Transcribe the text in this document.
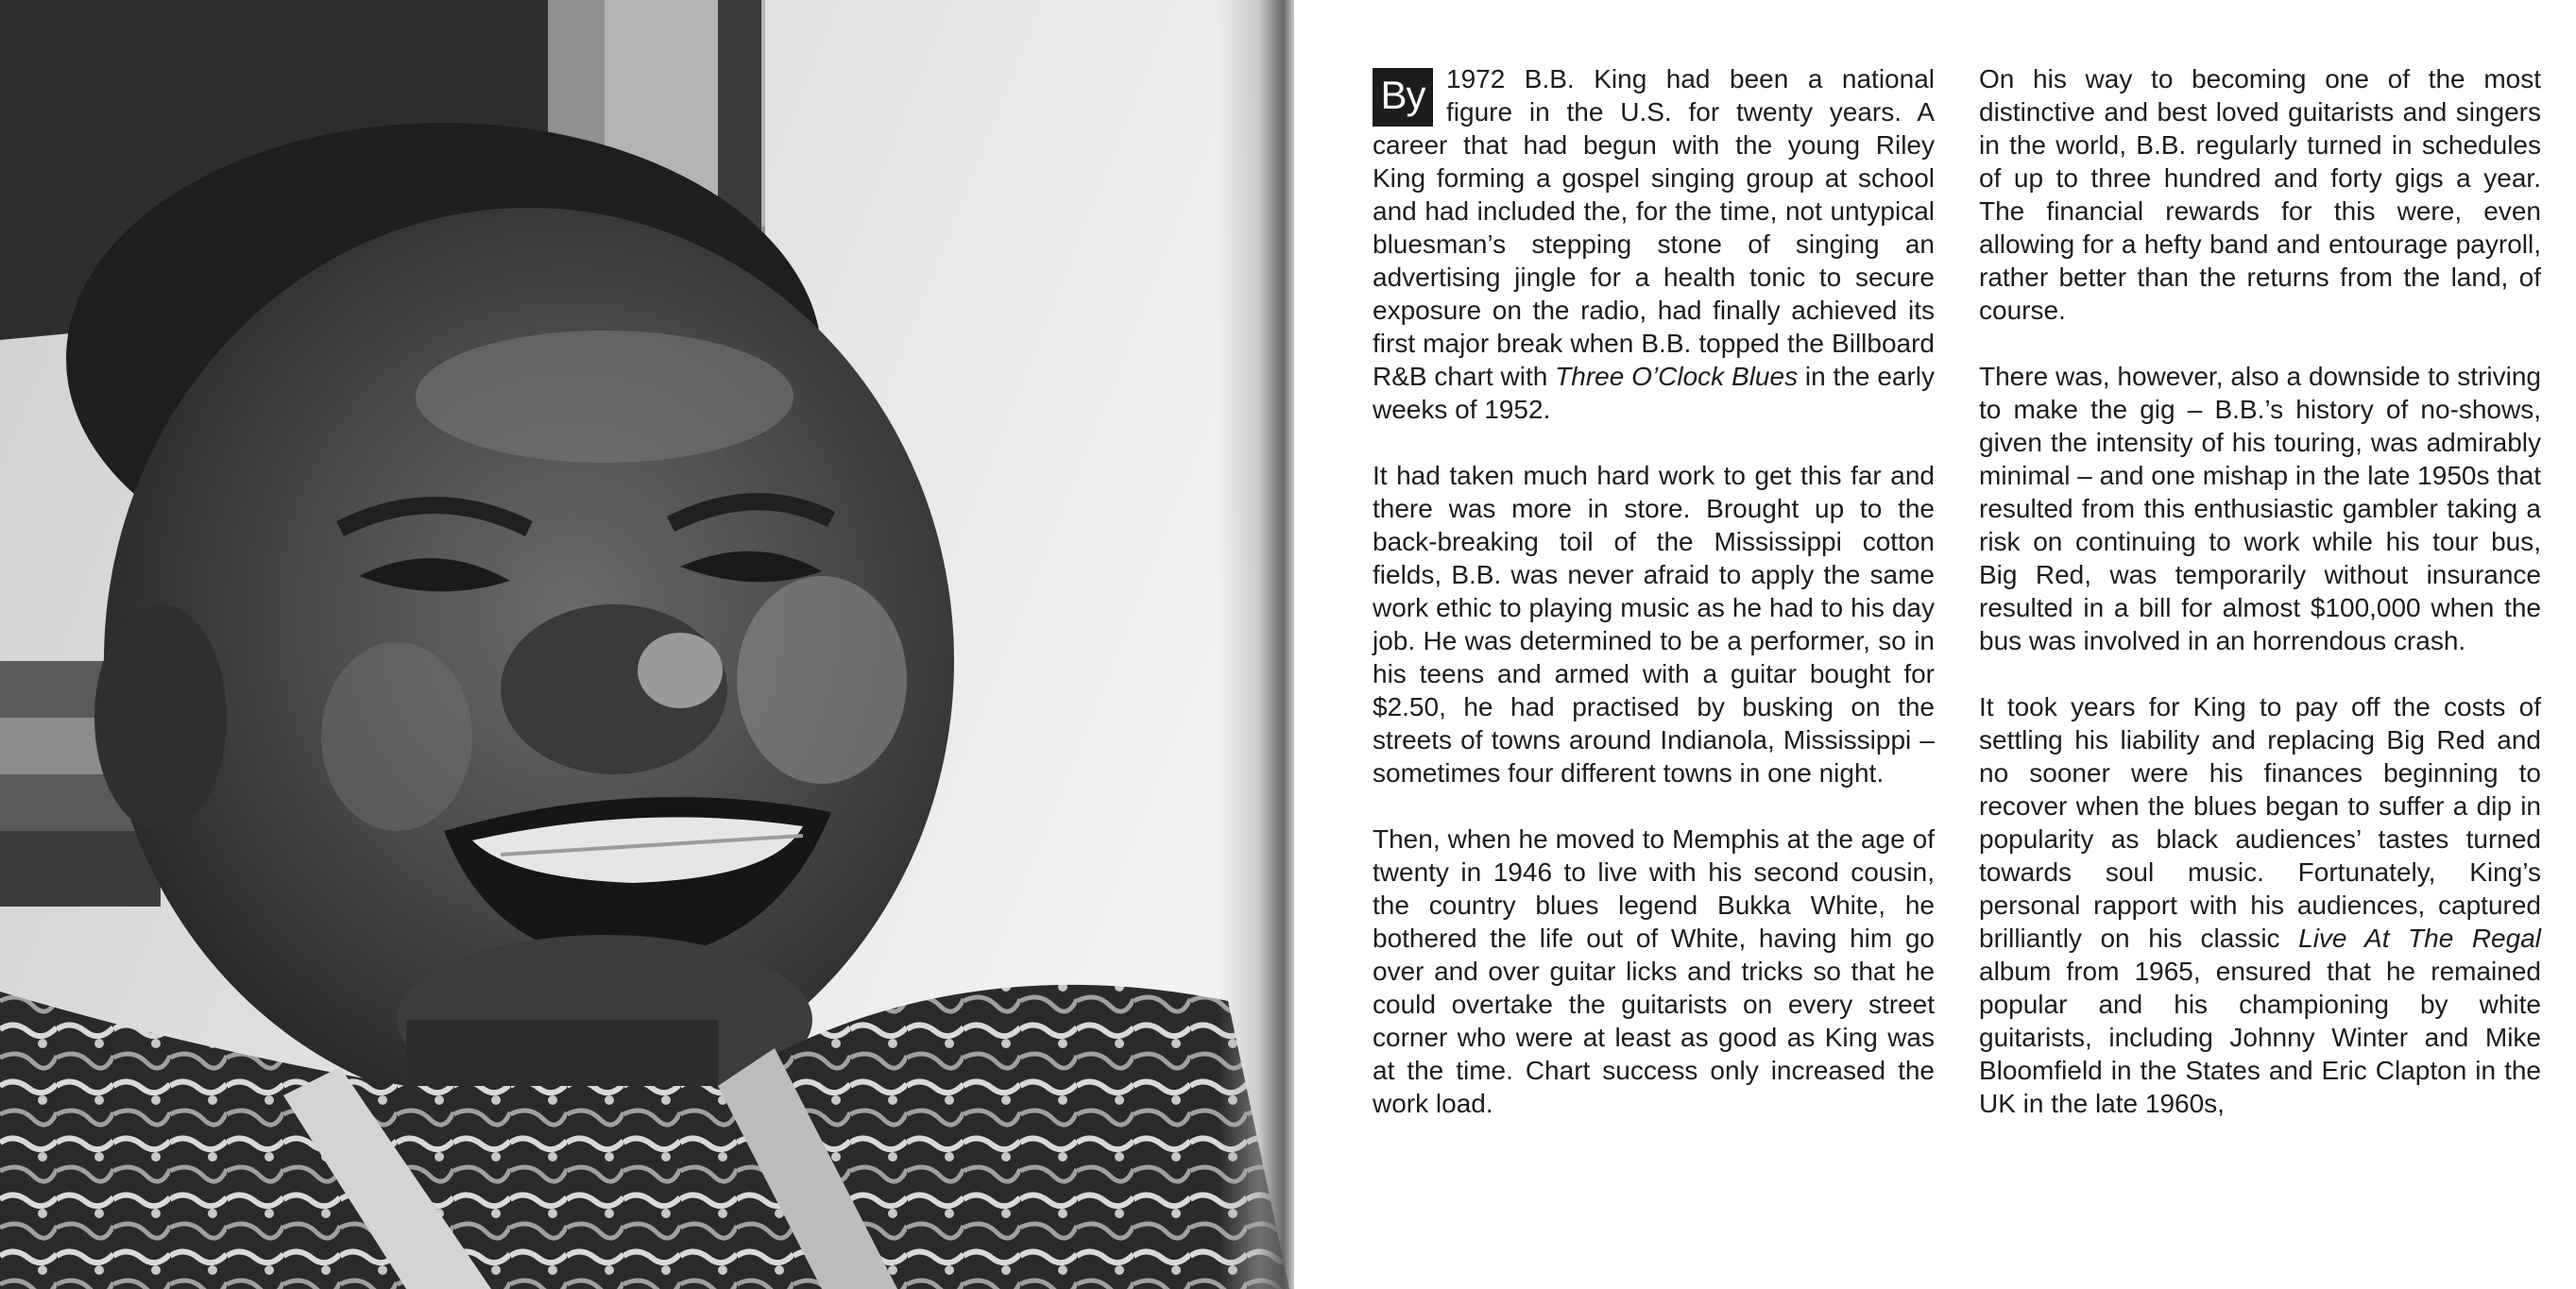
By 1972 B.B. King had been a national figure in the U.S. for twenty years. A career that had begun with the young Riley King forming a gospel singing group at school and had included the, for the time, not untypical bluesman’s stepping stone of singing an advertising jingle for a health tonic to secure exposure on the radio, had finally achieved its first major break when B.B. topped the Billboard R&B chart with Three O’Clock Blues in the early weeks of 1952.

It had taken much hard work to get this far and there was more in store. Brought up to the back-breaking toil of the Mississippi cotton fields, B.B. was never afraid to apply the same work ethic to playing music as he had to his day job. He was determined to be a performer, so in his teens and armed with a guitar bought for $2.50, he had practised by busking on the streets of towns around Indianola, Mississippi – sometimes four different towns in one night.

Then, when he moved to Memphis at the age of twenty in 1946 to live with his second cousin, the country blues legend Bukka White, he bothered the life out of White, having him go over and over guitar licks and tricks so that he could overtake the guitarists on every street corner who were at least as good as King was at the time. Chart success only increased the work load.

On his way to becoming one of the most distinctive and best loved guitarists and singers in the world, B.B. regularly turned in schedules of up to three hundred and forty gigs a year. The financial rewards for this were, even allowing for a hefty band and entourage payroll, rather better than the returns from the land, of course.

There was, however, also a downside to striving to make the gig – B.B.’s history of no-shows, given the intensity of his touring, was admirably minimal – and one mishap in the late 1950s that resulted from this enthusiastic gambler taking a risk on continuing to work while his tour bus, Big Red, was temporarily without insurance resulted in a bill for almost $100,000 when the bus was involved in an horrendous crash.

It took years for King to pay off the costs of settling his liability and replacing Big Red and no sooner were his finances beginning to recover when the blues began to suffer a dip in popularity as black audiences’ tastes turned towards soul music. Fortunately, King’s personal rapport with his audiences, captured brilliantly on his classic Live At The Regal album from 1965, ensured that he remained popular and his championing by white guitarists, including Johnny Winter and Mike Bloomfield in the States and Eric Clapton in the UK in the late 1960s,
